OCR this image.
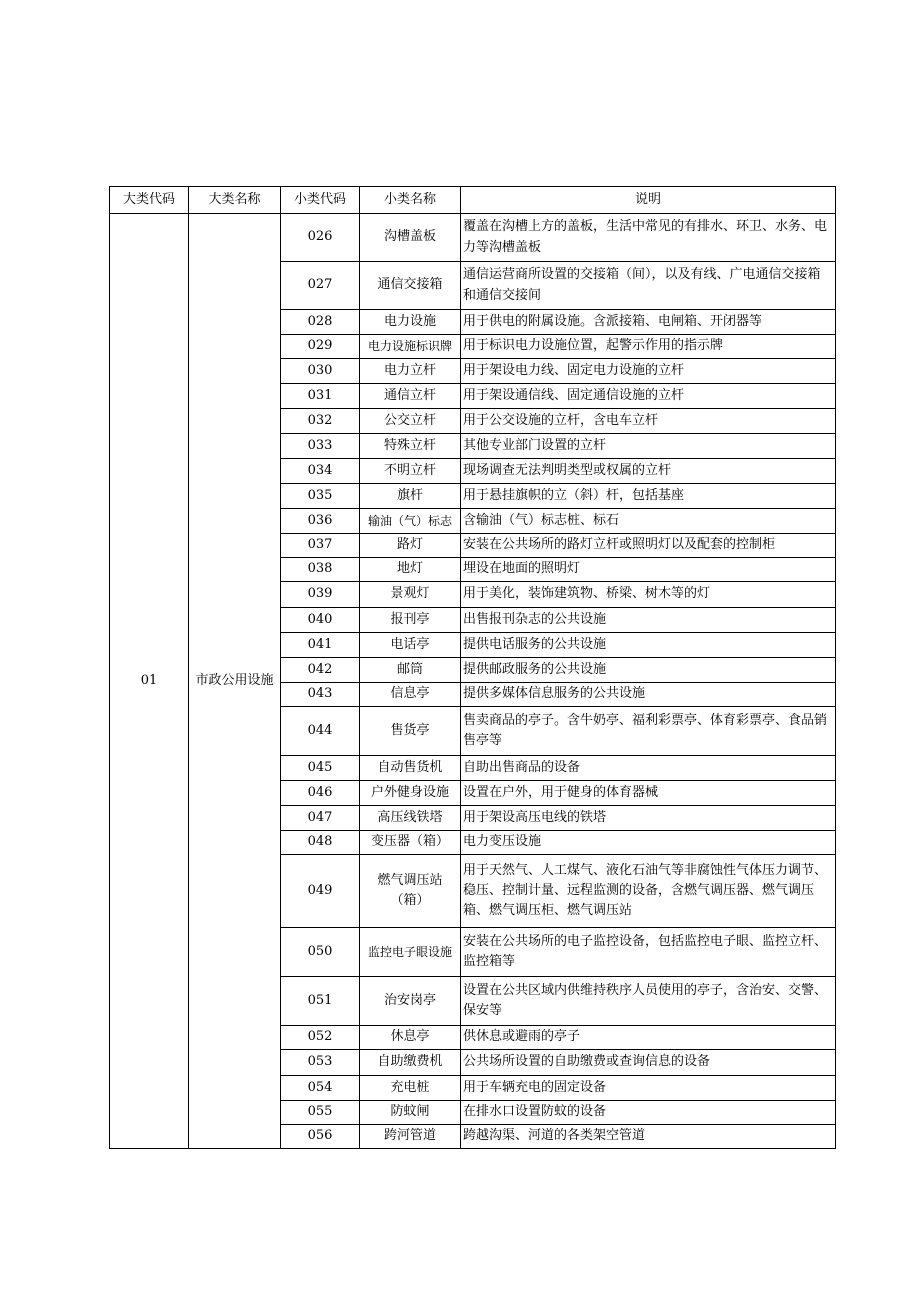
大类代码	大类名称	小类代码	小类名称	说明
01	市政公用设施	026	沟槽盖板	覆盖在沟槽上方的盖板，生活中常见的有排水、环卫、水务、电力等沟槽盖板
		027	通信交接箱	通信运营商所设置的交接箱（间），以及有线、广电通信交接箱和通信交接间
		028	电力设施	用于供电的附属设施。含派接箱、电闸箱、开闭器等
		029	电力设施标识牌	用于标识电力设施位置，起警示作用的指示牌
		030	电力立杆	用于架设电力线、固定电力设施的立杆
		031	通信立杆	用于架设通信线、固定通信设施的立杆
		032	公交立杆	用于公交设施的立杆，含电车立杆
		033	特殊立杆	其他专业部门设置的立杆
		034	不明立杆	现场调查无法判明类型或权属的立杆
		035	旗杆	用于悬挂旗帜的立（斜）杆，包括基座
		036	输油（气）标志	含输油（气）标志桩、标石
		037	路灯	安装在公共场所的路灯立杆或照明灯以及配套的控制柜
		038	地灯	埋设在地面的照明灯
		039	景观灯	用于美化，装饰建筑物、桥梁、树木等的灯
		040	报刊亭	出售报刊杂志的公共设施
		041	电话亭	提供电话服务的公共设施
		042	邮筒	提供邮政服务的公共设施
		043	信息亭	提供多媒体信息服务的公共设施
		044	售货亭	售卖商品的亭子。含牛奶亭、福利彩票亭、体育彩票亭、食品销售亭等
		045	自动售货机	自助出售商品的设备
		046	户外健身设施	设置在户外，用于健身的体育器械
		047	高压线铁塔	用于架设高压电线的铁塔
		048	变压器（箱）	电力变压设施
		049	燃气调压站（箱）	用于天然气、人工煤气、液化石油气等非腐蚀性气体压力调节、稳压、控制计量、远程监测的设备，含燃气调压器、燃气调压箱、燃气调压柜、燃气调压站
		050	监控电子眼设施	安装在公共场所的电子监控设备，包括监控电子眼、监控立杆、监控箱等
		051	治安岗亭	设置在公共区域内供维持秩序人员使用的亭子，含治安、交警、保安等
		052	休息亭	供休息或避雨的亭子
		053	自助缴费机	公共场所设置的自助缴费或查询信息的设备
		054	充电桩	用于车辆充电的固定设备
		055	防蚊闸	在排水口设置防蚊的设备
		056	跨河管道	跨越沟渠、河道的各类架空管道
